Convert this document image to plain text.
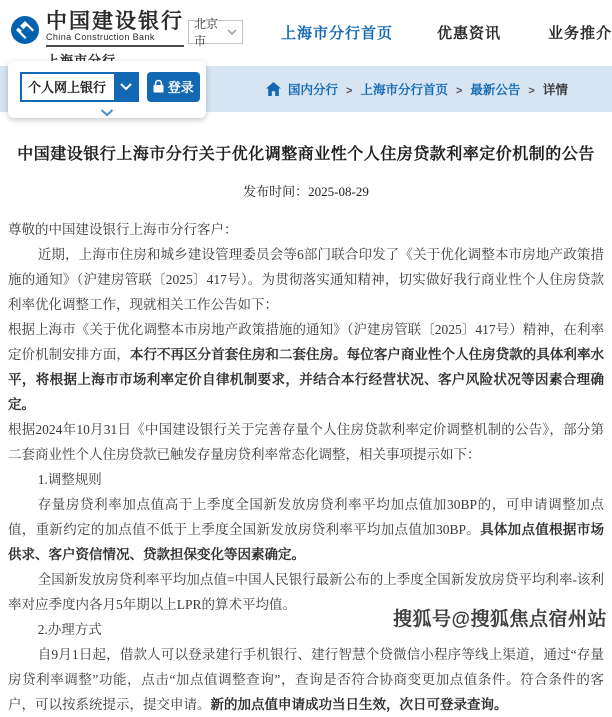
中国建设银行
China Construction Bank
北京市	上海市分行首页	优惠资讯	业务推介
个人网上银行	登录	国内分行 > 上海市分行首页 > 最新公告 > 详情
中国建设银行上海市分行关于优化调整商业性个人住房贷款利率定价机制的公告
发布时间：2025-08-29

尊敬的中国建设银行上海市分行客户：

近期，上海市住房和城乡建设管理委员会等6部门联合印发了《关于优化调整本市房地产政策措施的通知》（沪建房管联〔2025〕417号）。为贯彻落实通知精神，切实做好我行商业性个人住房贷款利率优化调整工作，现就相关工作公告如下：

根据上海市《关于优化调整本市房地产政策措施的通知》（沪建房管联〔2025〕417号）精神，在利率定价机制安排方面，本行不再区分首套住房和二套住房。每位客户商业性个人住房贷款的具体利率水平，将根据上海市市场利率定价自律机制要求，并结合本行经营状况、客户风险状况等因素合理确定。

根据2024年10月31日《中国建设银行关于完善存量个人住房贷款利率定价调整机制的公告》，部分第二套商业性个人住房贷款已触发存量房贷利率常态化调整，相关事项提示如下：

1.调整规则

存量房贷利率加点值高于上季度全国新发放房贷利率平均加点值加30BP的，可申请调整加点值，重新约定的加点值不低于上季度全国新发放房贷利率平均加点值加30BP。具体加点值根据市场供求、客户资信情况、贷款担保变化等因素确定。

全国新发放房贷利率平均加点值=中国人民银行最新公布的上季度全国新发放房贷平均利率-该利率对应季度内各月5年期以上LPR的算术平均值。

2.办理方式

自9月1日起，借款人可以登录建行手机银行、建行智慧个贷微信小程序等线上渠道，通过“存量房贷利率调整”功能，点击“加点值调整查询”，查询是否符合协商变更加点值条件。符合条件的客户，可以按系统提示，提交申请。新的加点值申请成功当日生效，次日可登录查询。

搜狐号@搜狐焦点宿州站
